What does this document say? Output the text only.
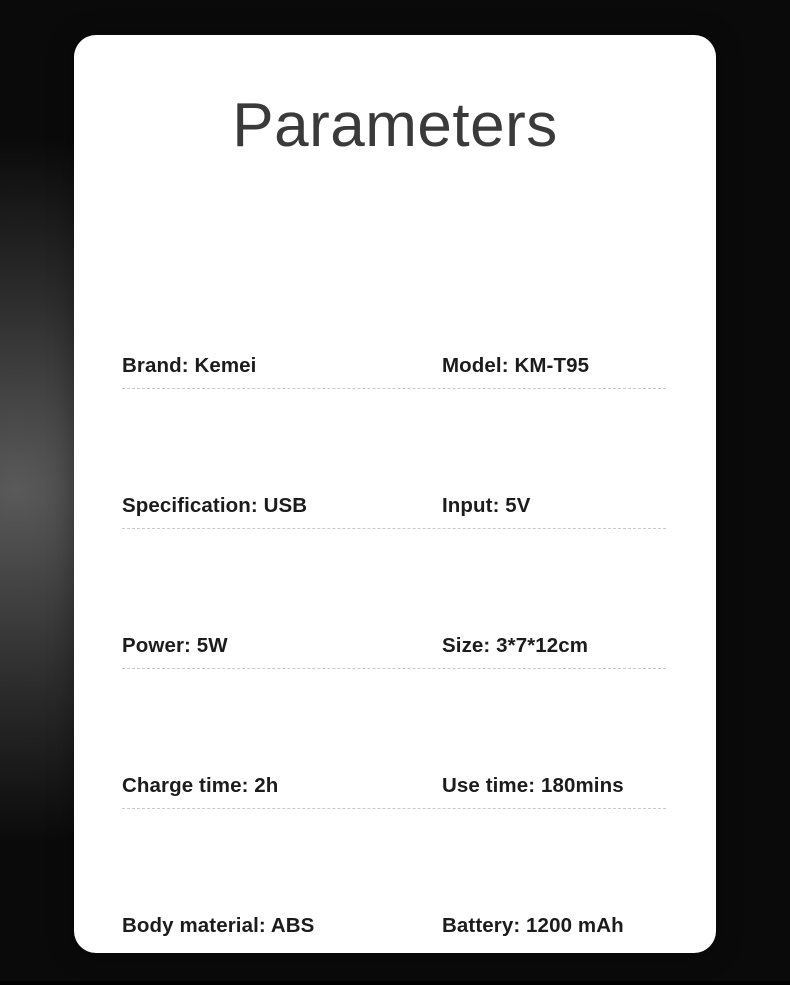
Parameters
Brand: Kemei	Model: KM-T95
Specification: USB	Input: 5V
Power: 5W	Size: 3*7*12cm
Charge time: 2h	Use time: 180mins
Body material: ABS	Battery: 1200 mAh
